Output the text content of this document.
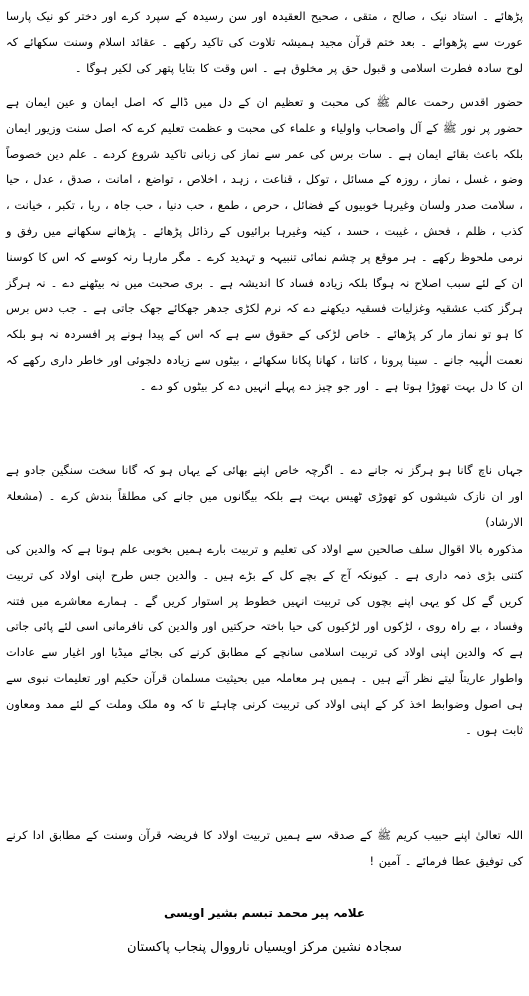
پڑھائے ۔ استاد نیک ، صالح ، متقی ، صحیح العقیدہ اور سن رسیدہ کے سپرد کرے اور دختر کو نیک پارسا عورت سے پڑھوائے ۔ بعد ختم قرآن مجید ہمیشہ تلاوت کی تاکید رکھے ۔ عقائد اسلام وسنت سکھائے کہ لوح سادہ فطرت اسلامی و قبول حق پر مخلوق ہے ۔ اس وقت کا بتایا پتھر کی لکیر ہوگا ۔

حضور اقدس رحمت عالم ﷺ کی محبت و تعظیم ان کے دل میں ڈالے کہ اصل ایمان و عین ایمان ہے حضور پر نور ﷺ کے آل واصحاب واولیاء و علماء کی محبت و عظمت تعلیم کرے کہ اصل سنت وزیور ایمان بلکہ باعث بقائے ایمان ہے ۔ سات برس کی عمر سے نماز کی زبانی تاکید شروع کردے ۔ علم دین خصوصاً وضو ، غسل ، نماز ، روزہ کے مسائل ، توکل ، قناعت ، زہد ، اخلاص ، تواضع ، امانت ، صدق ، عدل ، حیا ، سلامت صدر ولسان وغیرہا خوبیوں کے فضائل ، حرص ، طمع ، حب دنیا ، حب جاہ ، ریا ، تکبر ، خیانت ، کذب ، ظلم ، فحش ، غیبت ، حسد ، کینہ وغیرہا برائیوں کے رذائل پڑھائے ۔ پڑھانے سکھانے میں رفق و نرمی ملحوظ رکھے ۔ ہر موقع پر چشم نمائی تنبیہہ و تہدید کرے ۔ مگر مارہا رنہ کوسے کہ اس کا کوسنا ان کے لئے سبب اصلاح نہ ہوگا بلکہ زیادہ فساد کا اندیشہ ہے ۔ بری صحبت میں نہ بیٹھنے دے ۔ نہ ہرگز ہرگز کتب عشقیہ وغزلیات فسقیہ دیکھنے دے کہ نرم لکڑی جدھر جھکائے جھک جاتی ہے ۔ جب دس برس کا ہو تو نماز مار کر پڑھائے ۔ خاص لڑکی کے حقوق سے ہے کہ اس کے پیدا ہونے پر افسردہ نہ ہو بلکہ نعمت الٰہیہ جانے ۔ سینا پرونا ، کاتنا ، کھانا پکانا سکھائے ، بیٹوں سے زیادہ دلجوئی اور خاطر داری رکھے کہ ان کا دل بہت تھوڑا ہوتا ہے ۔ اور جو چیز دے پہلے انہیں دے کر بیٹوں کو دے ۔

جہاں ناچ گانا ہو ہرگز نہ جانے دے ۔ اگرچہ خاص اپنے بھائی کے یہاں ہو کہ گانا سخت سنگین جادو ہے اور ان نازک شیشوں کو تھوڑی ٹھیس بہت ہے بلکہ بیگانوں میں جانے کی مطلقاً بندش کرے ۔ (مشعلۃ الارشاد)

مذکورہ بالا اقوال سلف صالحین سے اولاد کی تعلیم و تربیت بارے ہمیں بخوبی علم ہوتا ہے کہ والدین کی کتنی بڑی ذمہ داری ہے ۔ کیونکہ آج کے بچے کل کے بڑے ہیں ۔ والدین جس طرح اپنی اولاد کی تربیت کریں گے کل کو یہی اپنے بچوں کی تربیت انہیں خطوط پر استوار کریں گے ۔ ہمارے معاشرے میں فتنہ وفساد ، بے راہ روی ، لڑکوں اور لڑکیوں کی حیا باختہ حرکتیں اور والدین کی نافرمانی اسی لئے پائی جاتی ہے کہ والدین اپنی اولاد کی تربیت اسلامی سانچے کے مطابق کرنے کی بجائے میڈیا اور اغیار سے عادات واطوار عاریتاً لیتے نظر آتے ہیں ۔ ہمیں ہر معاملہ میں بحیثیت مسلمان قرآن حکیم اور تعلیمات نبوی سے ہی اصول وضوابط اخذ کر کے اپنی اولاد کی تربیت کرنی چاہئے تا کہ وہ ملک وملت کے لئے ممد ومعاون ثابت ہوں ۔

اللہ تعالیٰ اپنے حبیب کریم ﷺ کے صدقہ سے ہمیں تربیت اولاد کا فریضہ قرآن وسنت کے مطابق ادا کرنے کی توفیق عطا فرمائے ۔ آمین !

علامہ پیر محمد تبسم بشیر اویسی
سجادہ نشین مرکز اویسیاں نارووال پنجاب پاکستان
